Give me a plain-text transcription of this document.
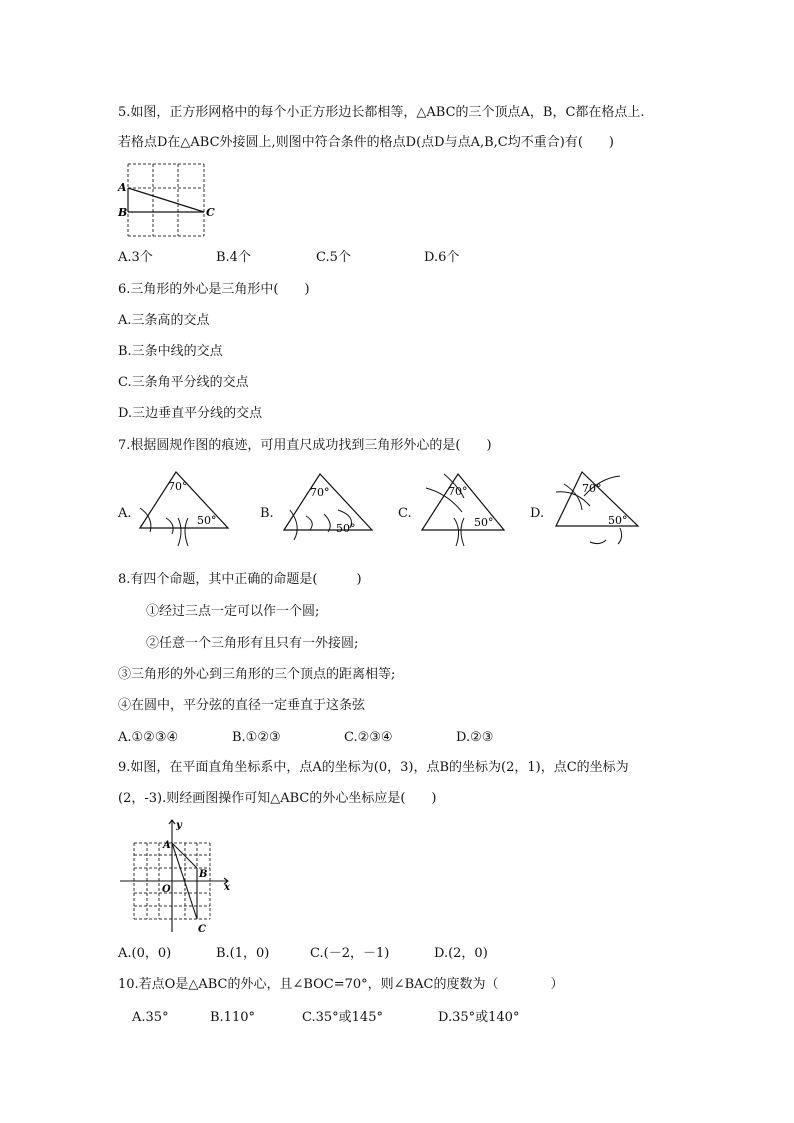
5.如图，正方形网格中的每个小正方形边长都相等，△ABC的三个顶点A，B，C都在格点上.
若格点D在△ABC外接圆上,则图中符合条件的格点D(点D与点A,B,C均不重合)有(　　)
A
B	C
A.3个	B.4个	C.5个	D.6个
6.三角形的外心是三角形中(　　)
A.三条高的交点
B.三条中线的交点
C.三条角平分线的交点
D.三边垂直平分线的交点
7.根据圆规作图的痕迹，可用直尺成功找到三角形外心的是(　　)
A.
70°
50°	B.
70°
50°
C.
70°
50°
D.
70°
50°
8.有四个命题，其中正确的命题是(　　　)
①经过三点一定可以作一个圆;
②任意一个三角形有且只有一外接圆;
③三角形的外心到三角形的三个顶点的距离相等;
④在圆中，平分弦的直径一定垂直于这条弦
A.①②③④	B.①②③	C.②③④	D.②③
9.如图，在平面直角坐标系中，点A的坐标为(0，3)，点B的坐标为(2，1)，点C的坐标为
(2，-3).则经画图操作可知△ABC的外心坐标应是(　　)
y
x
O
A
B
C
A.(0，0)	B.(1，0)	C.(－2，－1)	D.(2，0)
10.若点O是△ABC的外心，且∠BOC=70°，则∠BAC的度数为（　　　　）
A.35°	B.110°	C.35°或145°	D.35°或140°
